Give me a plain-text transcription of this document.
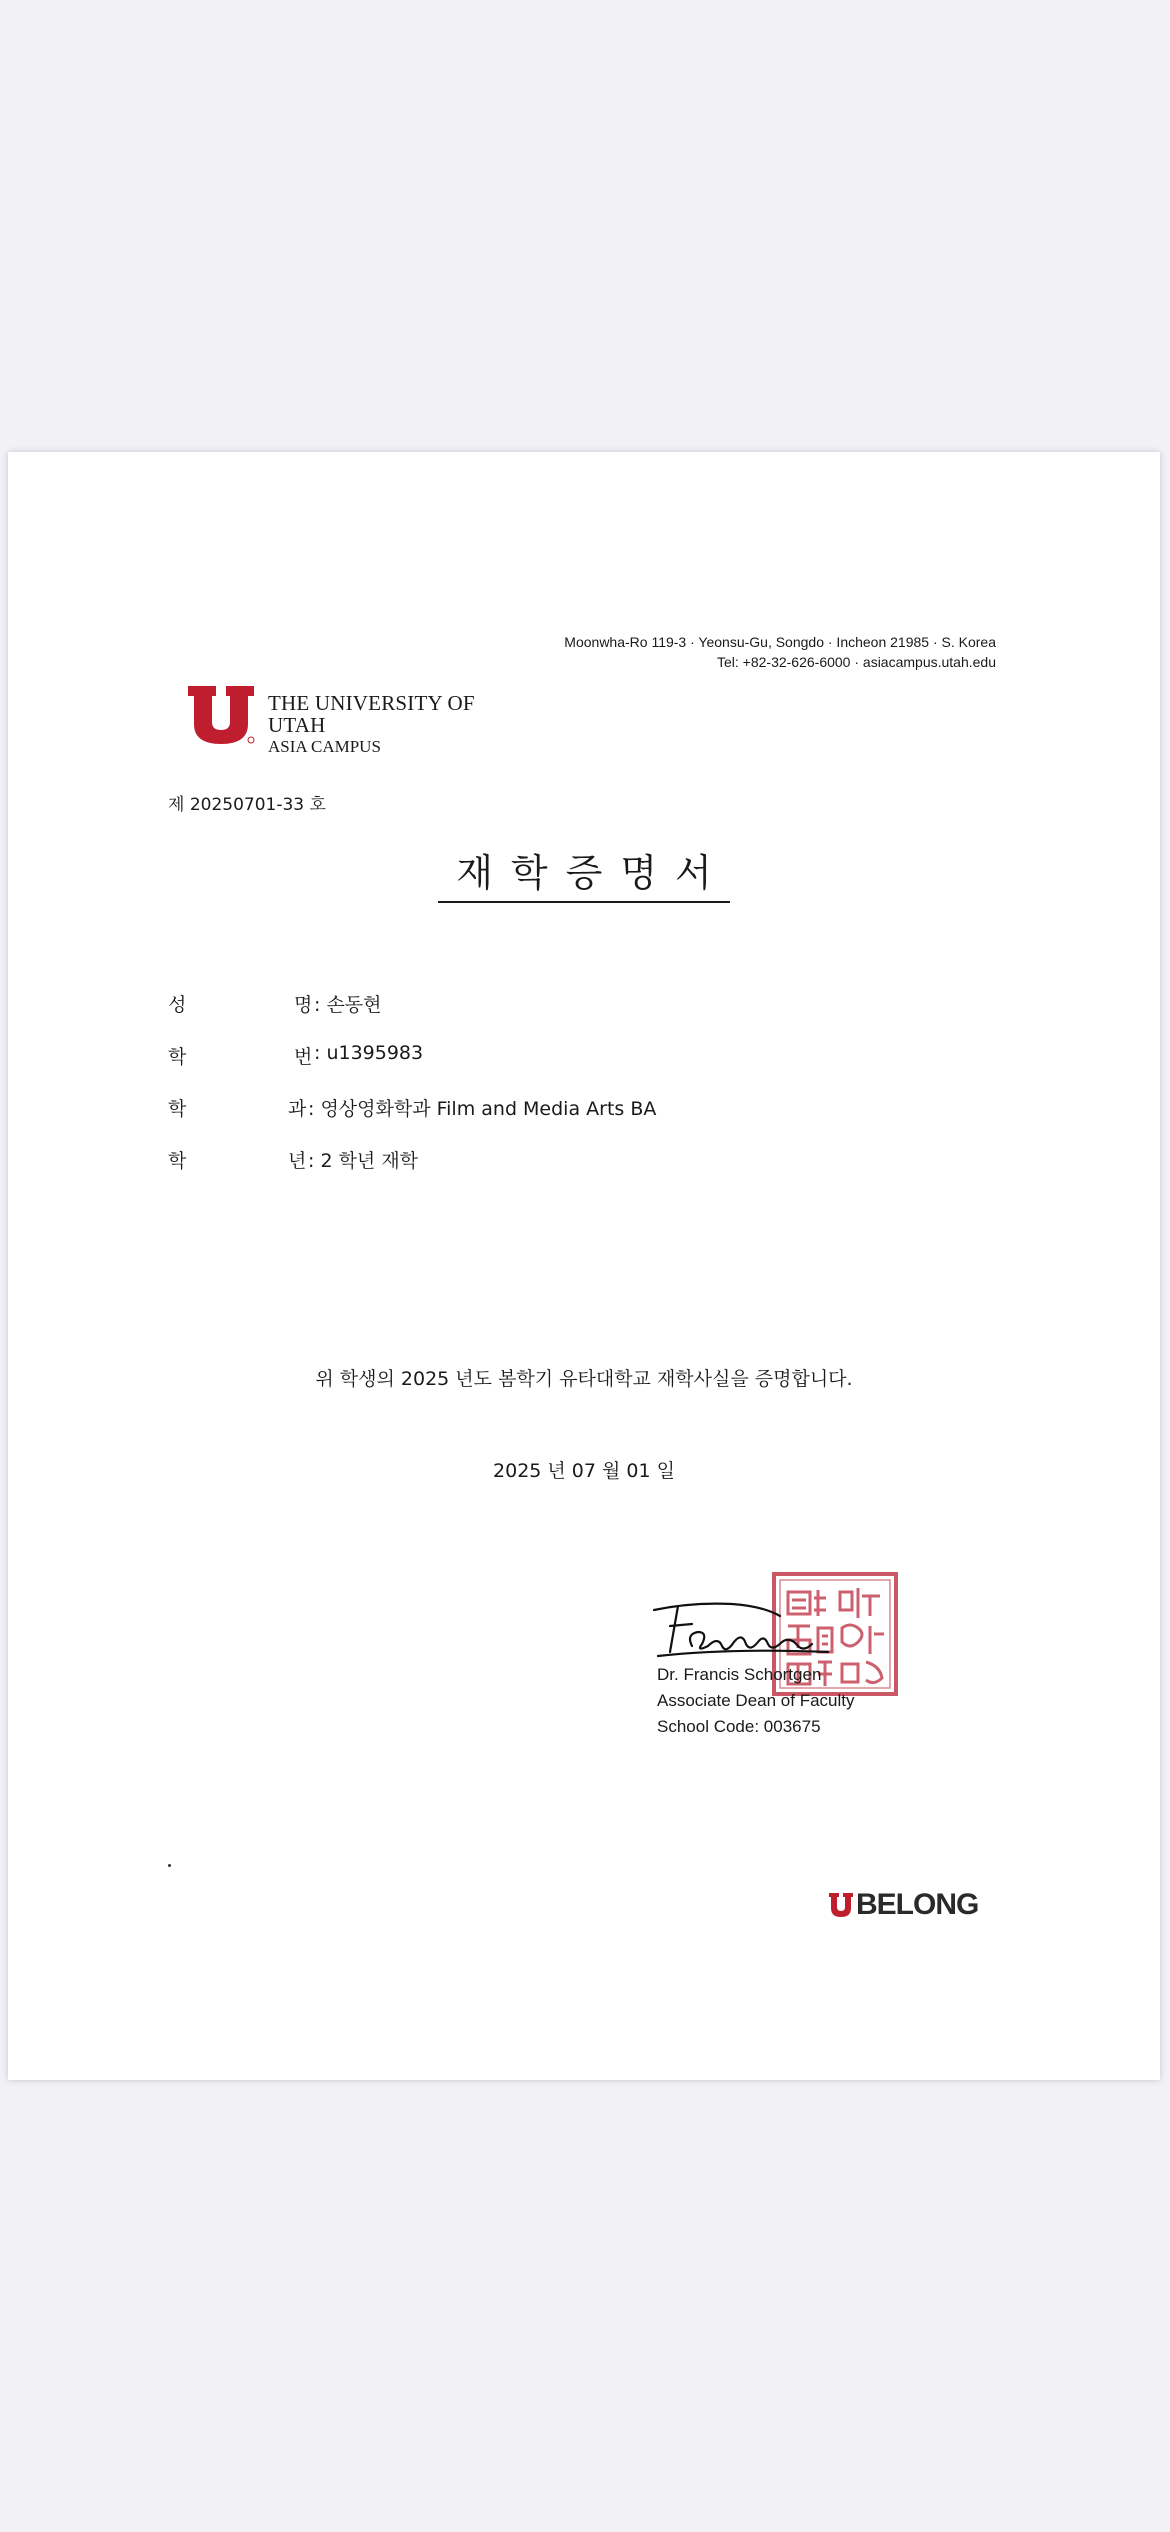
Moonwha-Ro 119-3 · Yeonsu-Gu, Songdo · Incheon 21985 · S. Korea
Tel: +82-32-626-6000 · asiacampus.utah.edu
THE UNIVERSITY OF UTAH
ASIA CAMPUS
제 20250701-33 호
재학증명서
성	명 : 손동현
학	번 : u1395983
학	과 : 영상영화학과 Film and Media Arts BA
학	년 : 2 학년 재학
위 학생의 2025 년도 봄학기 유타대학교 재학사실을 증명합니다.
2025 년 07 월 01 일
Dr. Francis Schortgen
Associate Dean of Faculty
School Code: 003675
BELONG
